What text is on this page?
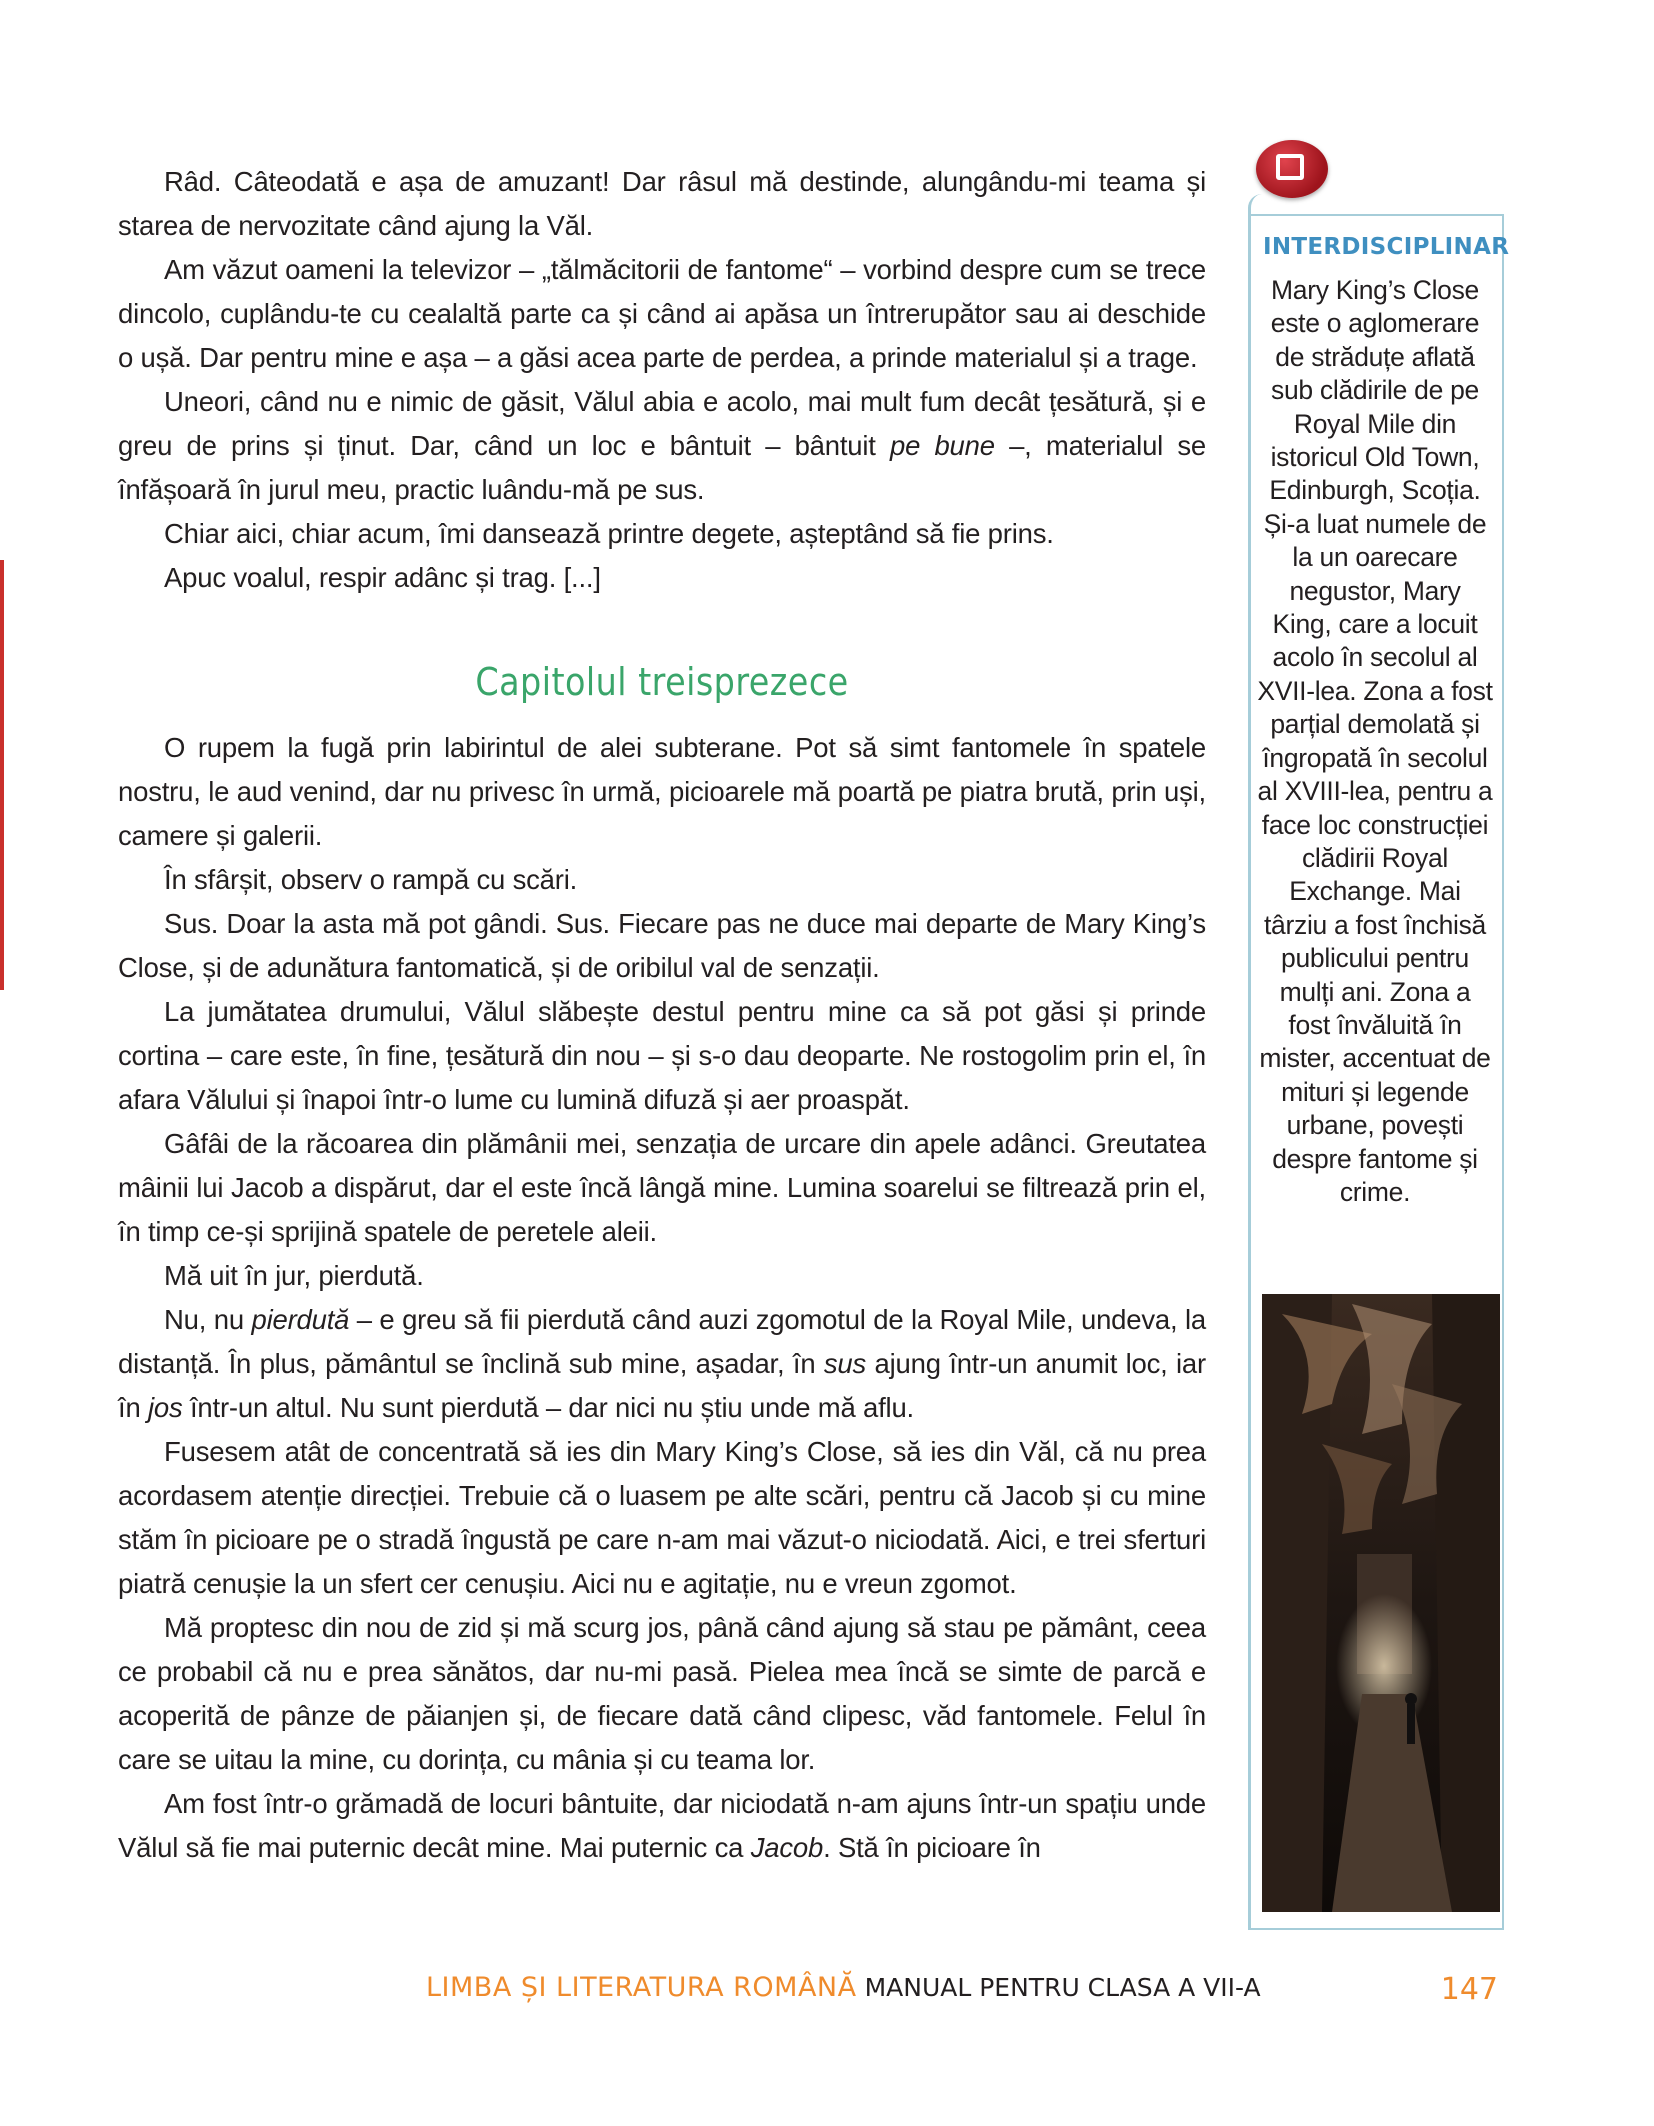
Râd. Câteodată e așa de amuzant! Dar râsul mă destinde, alungându-mi teama și starea de nervozitate când ajung la Văl.

Am văzut oameni la televizor – „tălmăcitorii de fantome“ – vorbind despre cum se trece dincolo, cuplându-te cu cealaltă parte ca și când ai apăsa un întrerupător sau ai deschide o ușă. Dar pentru mine e așa – a găsi acea parte de perdea, a prinde materialul și a trage.

Uneori, când nu e nimic de găsit, Vălul abia e acolo, mai mult fum decât țesătură, și e greu de prins și ținut. Dar, când un loc e bântuit – bântuit pe bune –, materialul se înfășoară în jurul meu, practic luându-mă pe sus.

Chiar aici, chiar acum, îmi dansează printre degete, așteptând să fie prins.

Apuc voalul, respir adânc și trag. [...]

Capitolul treisprezece

O rupem la fugă prin labirintul de alei subterane. Pot să simt fantomele în spatele nostru, le aud venind, dar nu privesc în urmă, picioarele mă poartă pe piatra brută, prin uși, camere și galerii.

În sfârșit, observ o rampă cu scări.

Sus. Doar la asta mă pot gândi. Sus. Fiecare pas ne duce mai departe de Mary King’s Close, și de adunătura fantomatică, și de oribilul val de senzații.

La jumătatea drumului, Vălul slăbește destul pentru mine ca să pot găsi și prinde cortina – care este, în fine, țesătură din nou – și s-o dau deoparte. Ne rostogolim prin el, în afara Vălului și înapoi într-o lume cu lumină difuză și aer proaspăt.

Gâfâi de la răcoarea din plămânii mei, senzația de urcare din apele adânci. Greutatea mâinii lui Jacob a dispărut, dar el este încă lângă mine. Lumina soarelui se filtrează prin el, în timp ce-și sprijină spatele de peretele aleii.

Mă uit în jur, pierdută.

Nu, nu pierdută – e greu să fii pierdută când auzi zgomotul de la Royal Mile, undeva, la distanță. În plus, pământul se înclină sub mine, așadar, în sus ajung într-un anumit loc, iar în jos într-un altul. Nu sunt pierdută – dar nici nu știu unde mă aflu.

Fusesem atât de concentrată să ies din Mary King’s Close, să ies din Văl, că nu prea acordasem atenție direcției. Trebuie că o luasem pe alte scări, pentru că Jacob și cu mine stăm în picioare pe o stradă îngustă pe care n-am mai văzut-o niciodată. Aici, e trei sferturi piatră cenușie la un sfert cer cenușiu. Aici nu e agitație, nu e vreun zgomot.

Mă proptesc din nou de zid și mă scurg jos, până când ajung să stau pe pământ, ceea ce probabil că nu e prea sănătos, dar nu-mi pasă. Pielea mea încă se simte de parcă e acoperită de pânze de păianjen și, de fiecare dată când clipesc, văd fantomele. Felul în care se uitau la mine, cu dorința, cu mânia și cu teama lor.

Am fost într-o grămadă de locuri bântuite, dar niciodată n-am ajuns într-un spațiu unde Vălul să fie mai puternic decât mine. Mai puternic ca Jacob. Stă în picioare în

INTERDISCIPLINAR

Mary King’s Close este o aglomerare de străduțe aflată sub clădirile de pe Royal Mile din istoricul Old Town, Edinburgh, Scoția. Și-a luat numele de la un oarecare negustor, Mary King, care a locuit acolo în secolul al XVII-lea. Zona a fost parțial demolată și îngropată în secolul al XVIII-lea, pentru a face loc construcției clădirii Royal Exchange. Mai târziu a fost închisă publicului pentru mulți ani. Zona a fost învăluită în mister, accentuat de mituri și legende urbane, povești despre fantome și crime.

LIMBA ȘI LITERATURA ROMÂNĂ MANUAL PENTRU CLASA A VII-A	147
